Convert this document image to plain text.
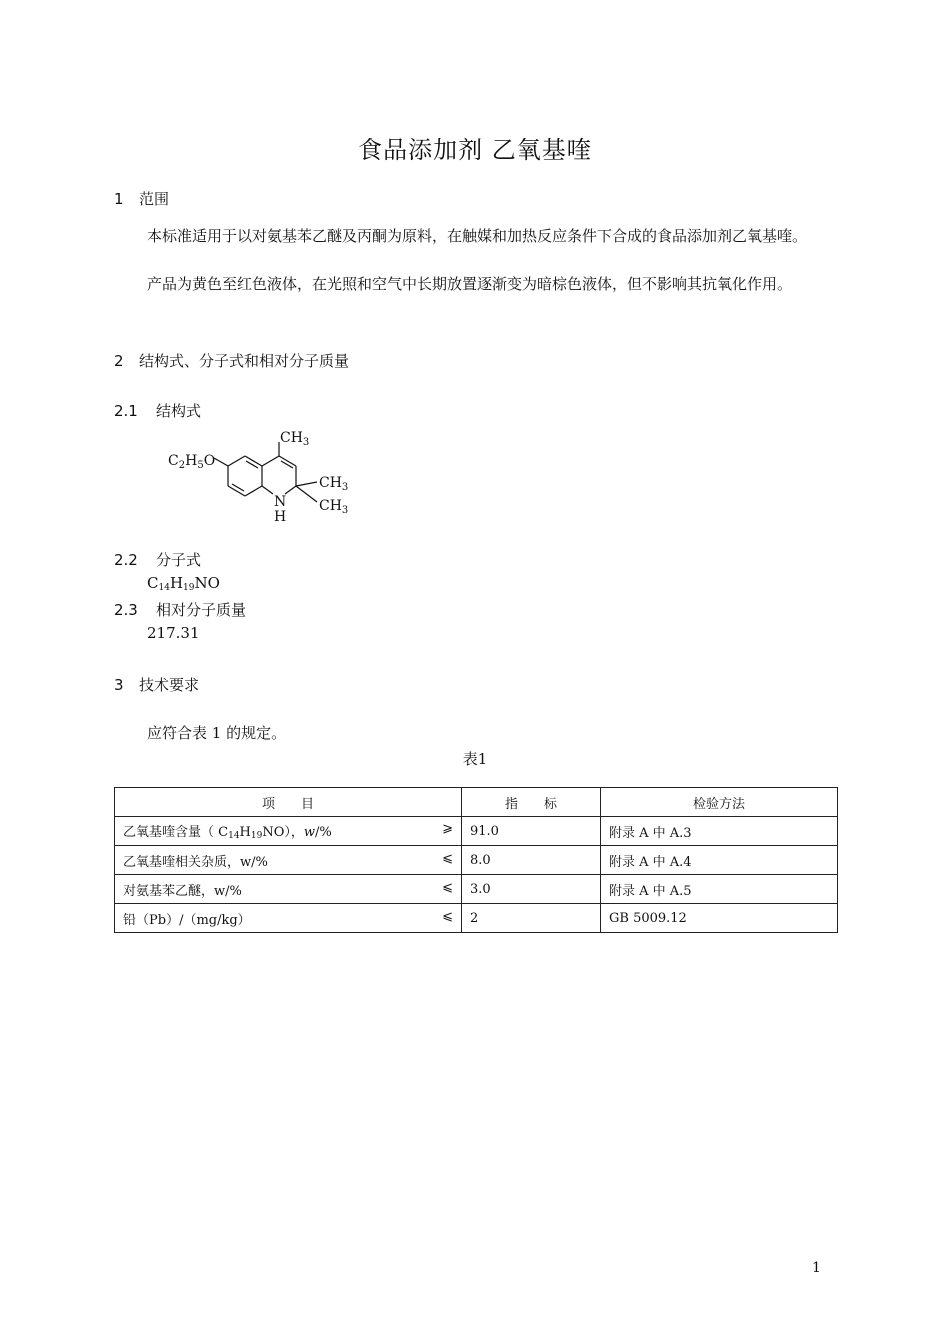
食品添加剂 乙氧基喹
1 范围
本标准适用于以对氨基苯乙醚及丙酮为原料，在触媒和加热反应条件下合成的食品添加剂乙氧基喹。
产品为黄色至红色液体，在光照和空气中长期放置逐渐变为暗棕色液体，但不影响其抗氧化作用。
2 结构式、分子式和相对分子质量
2.1 结构式
$CH_3$
$C_2H_5O$
$CH_3$
$CH_3$
N
H
2.2 分子式
C14H19NO
2.3 相对分子质量
217.31
3 技术要求
应符合表 1 的规定。
表1
项　　目	指　　标	检验方法

乙氧基喹含量（ C14H19NO），w/% ⩾	91.0	附录 A 中 A.3

乙氧基喹相关杂质，w/% ⩽	8.0	附录 A 中 A.4

对氨基苯乙醚，w/% ⩽	3.0	附录 A 中 A.5

铅（Pb）/（mg/kg） ⩽	2	GB 5009.12
1
